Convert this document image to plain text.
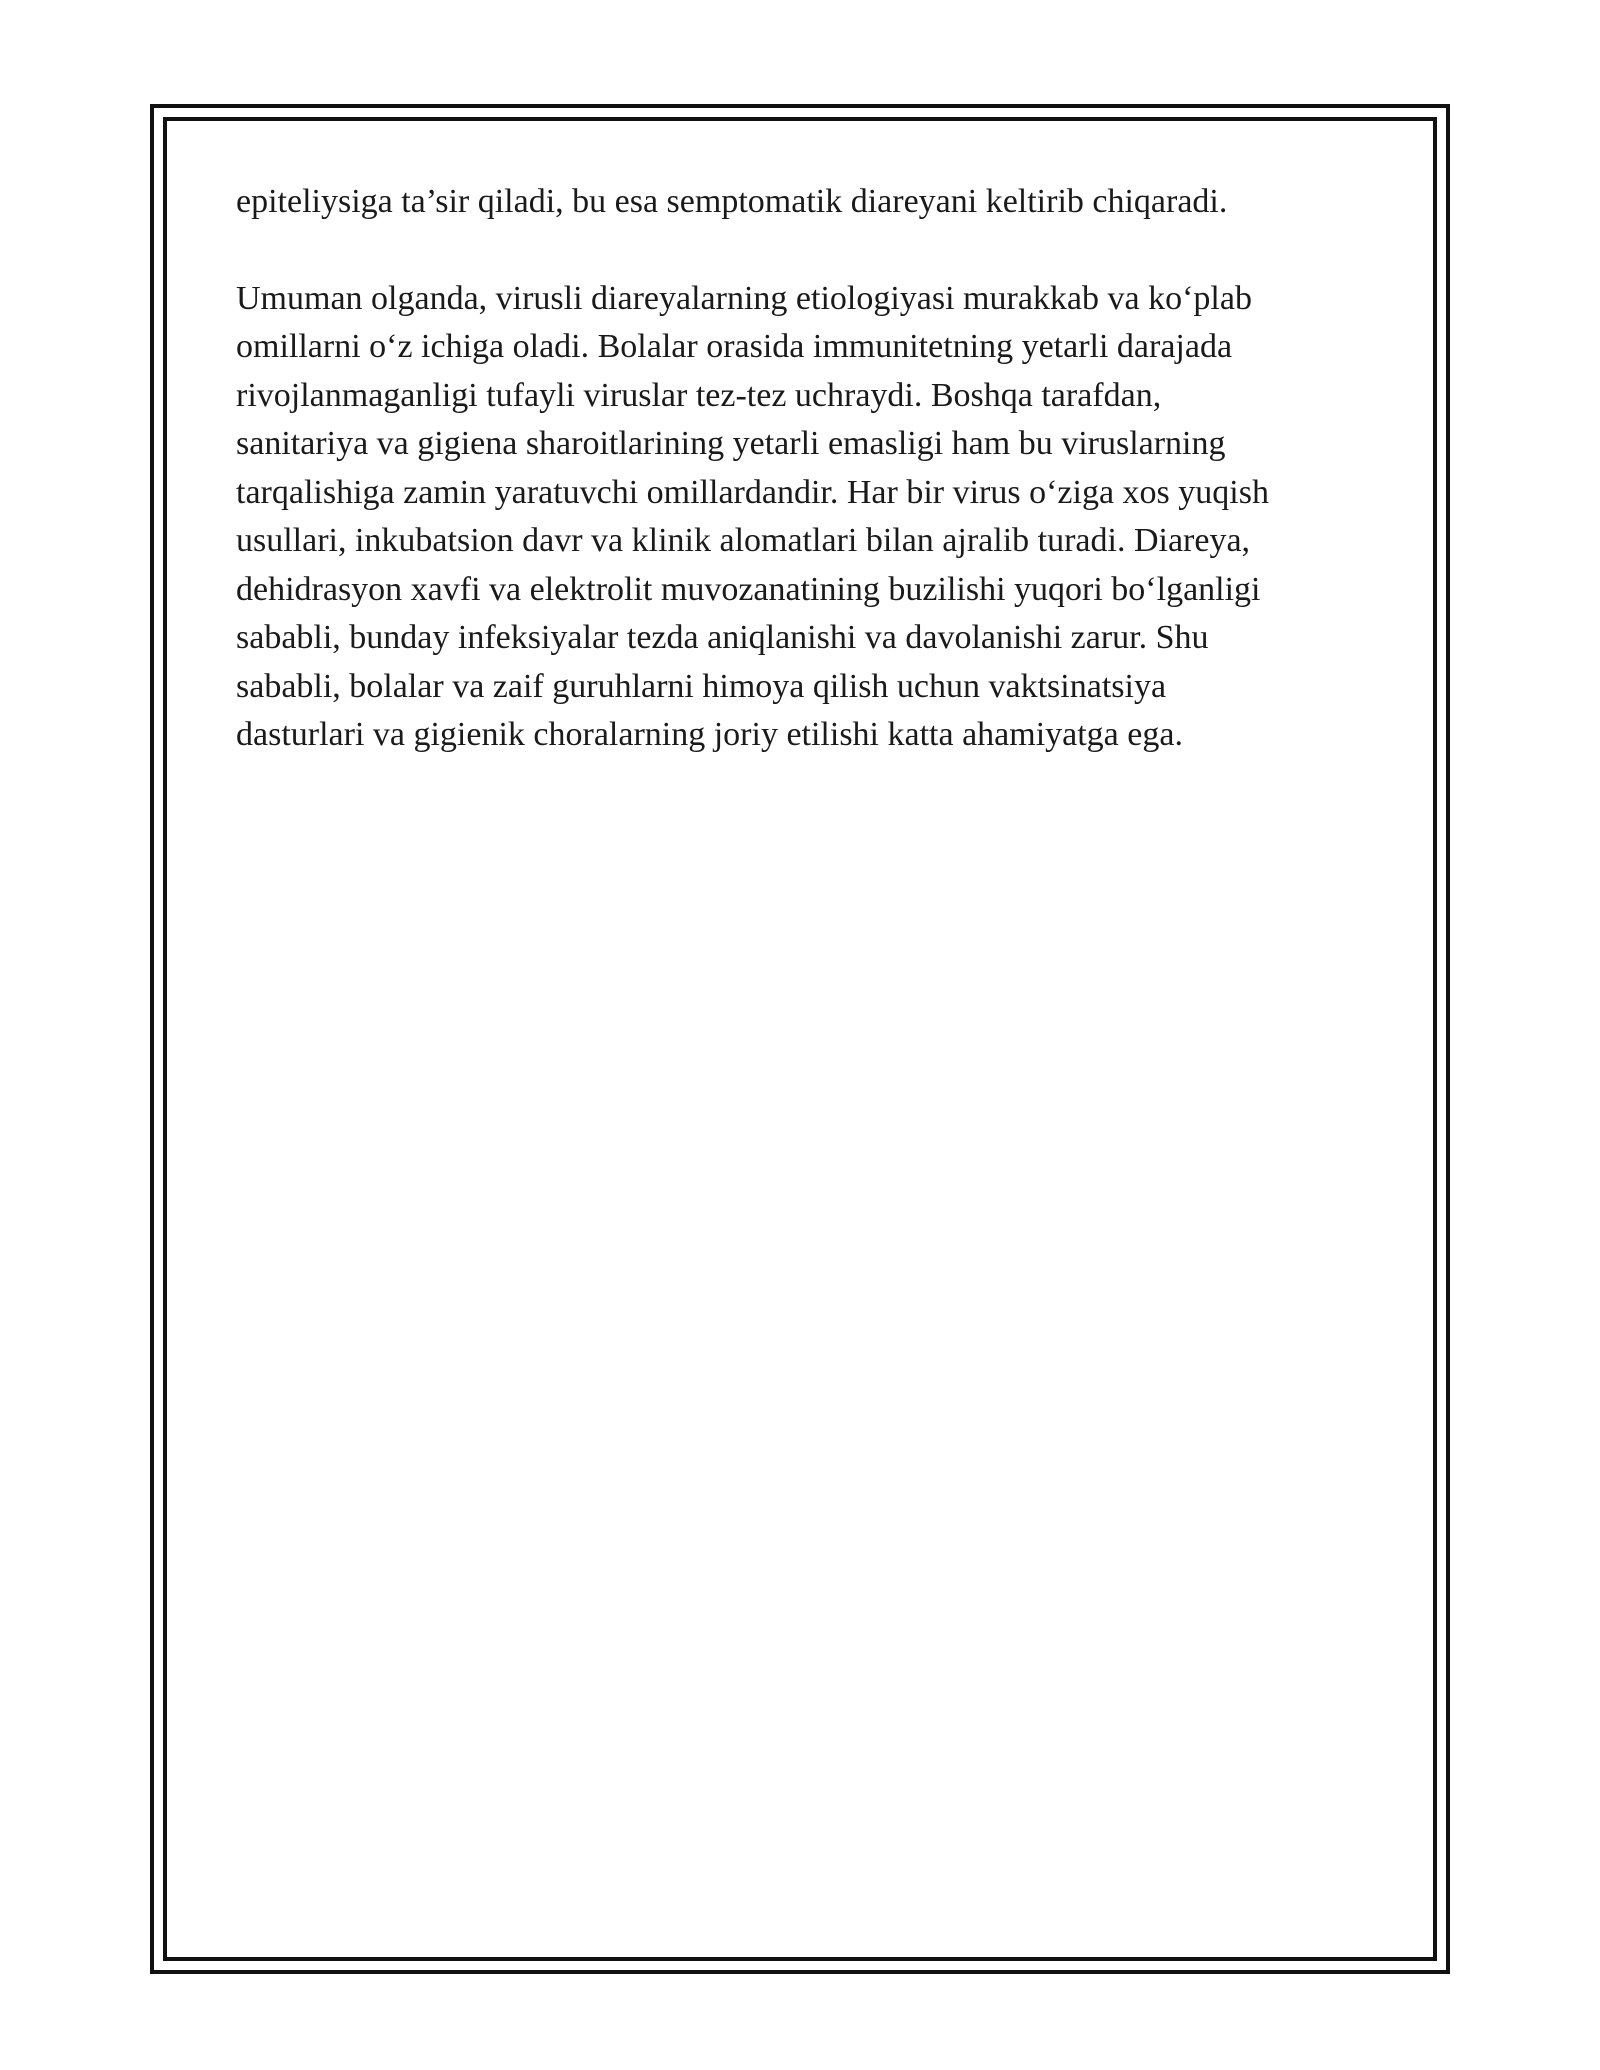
epiteliysiga ta’sir qiladi, bu esa semptomatik diareyani keltirib chiqaradi.

Umuman olganda, virusli diareyalarning etiologiyasi murakkab va ko‘plab
omillarni o‘z ichiga oladi. Bolalar orasida immunitetning yetarli darajada
rivojlanmaganligi tufayli viruslar tez-tez uchraydi. Boshqa tarafdan,
sanitariya va gigiena sharoitlarining yetarli emasligi ham bu viruslarning
tarqalishiga zamin yaratuvchi omillardandir. Har bir virus o‘ziga xos yuqish
usullari, inkubatsion davr va klinik alomatlari bilan ajralib turadi. Diareya,
dehidrasyon xavfi va elektrolit muvozanatining buzilishi yuqori bo‘lganligi
sababli, bunday infeksiyalar tezda aniqlanishi va davolanishi zarur. Shu
sababli, bolalar va zaif guruhlarni himoya qilish uchun vaktsinatsiya
dasturlari va gigienik choralarning joriy etilishi katta ahamiyatga ega.
